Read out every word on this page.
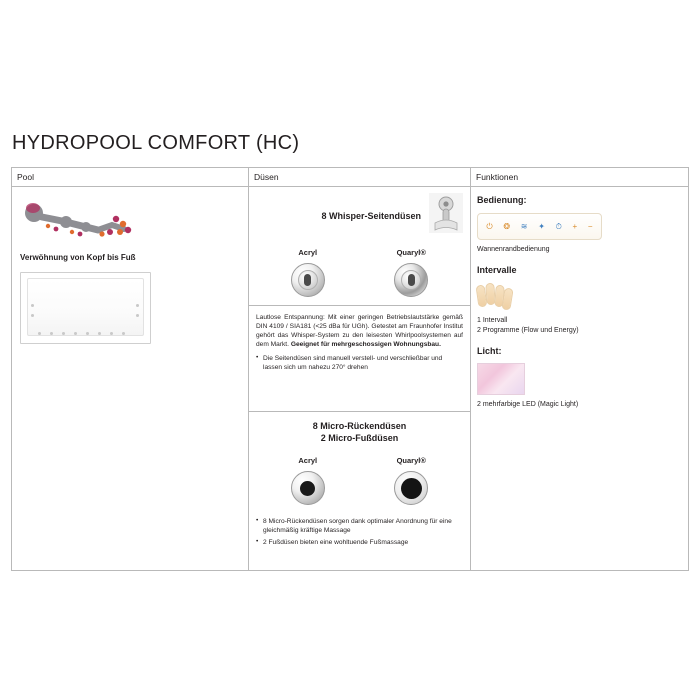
HYDROPOOL COMFORT (HC)
Pool	Düsen	Funktionen
Verwöhnung von Kopf bis Fuß
8 Whisper-Seitendüsen
Acryl	Quaryl®
Lautlose Entspannung: Mit einer geringen Betriebslautstärke gemäß DIN 4109 / SIA181 (<25 dBa für UGh). Getestet am Fraunhofer Institut gehört das Whisper-System zu den leisesten Whirlpoolsystemen auf dem Markt. Geeignet für mehrgeschossigen Wohnungsbau.
• Die Seitendüsen sind manuell verstell- und verschließbar und lassen sich um nahezu 270° drehen
8 Micro-Rückendüsen
2 Micro-Fußdüsen
Acryl	Quaryl®
• 8 Micro-Rückendüsen sorgen dank optimaler Anordnung für eine gleichmäßig kräftige Massage
• 2 Fußdüsen bieten eine wohltuende Fußmassage
Bedienung:
⏻ ❂ ≋ ✦ ⏱ + −
Wannenrandbedienung
Intervalle
1 Intervall
2 Programme (Flow und Energy)
Licht:
2 mehrfarbige LED (Magic Light)
